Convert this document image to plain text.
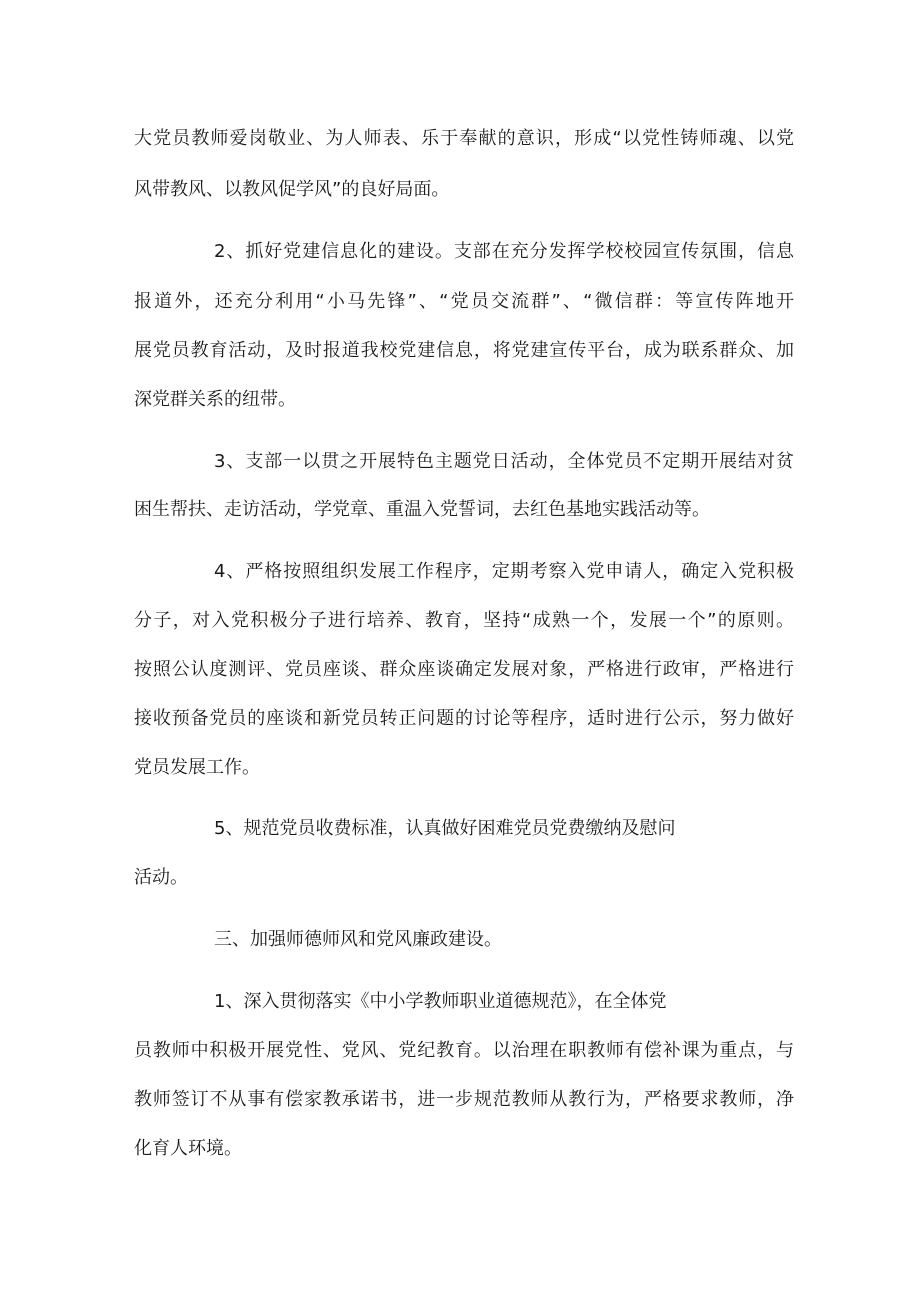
大党员教师爱岗敬业、为人师表、乐于奉献的意识，形成“以党性铸师魂、以党

风带教风、以教风促学风”的良好局面。

2、抓好党建信息化的建设。支部在充分发挥学校校园宣传氛围，信息

报道外，还充分利用“小马先锋”、“党员交流群”、“微信群：等宣传阵地开

展党员教育活动，及时报道我校党建信息，将党建宣传平台，成为联系群众、加

深党群关系的纽带。

3、支部一以贯之开展特色主题党日活动，全体党员不定期开展结对贫

困生帮扶、走访活动，学党章、重温入党誓词，去红色基地实践活动等。

4、严格按照组织发展工作程序，定期考察入党申请人，确定入党积极

分子，对入党积极分子进行培养、教育，坚持“成熟一个，发展一个”的原则。

按照公认度测评、党员座谈、群众座谈确定发展对象，严格进行政审，严格进行

接收预备党员的座谈和新党员转正问题的讨论等程序，适时进行公示，努力做好

党员发展工作。

5、规范党员收费标准，认真做好困难党员党费缴纳及慰问

活动。

三、加强师德师风和党风廉政建设。

1、深入贯彻落实《中小学教师职业道德规范》，在全体党

员教师中积极开展党性、党风、党纪教育。以治理在职教师有偿补课为重点，与

教师签订不从事有偿家教承诺书，进一步规范教师从教行为，严格要求教师，净

化育人环境。
